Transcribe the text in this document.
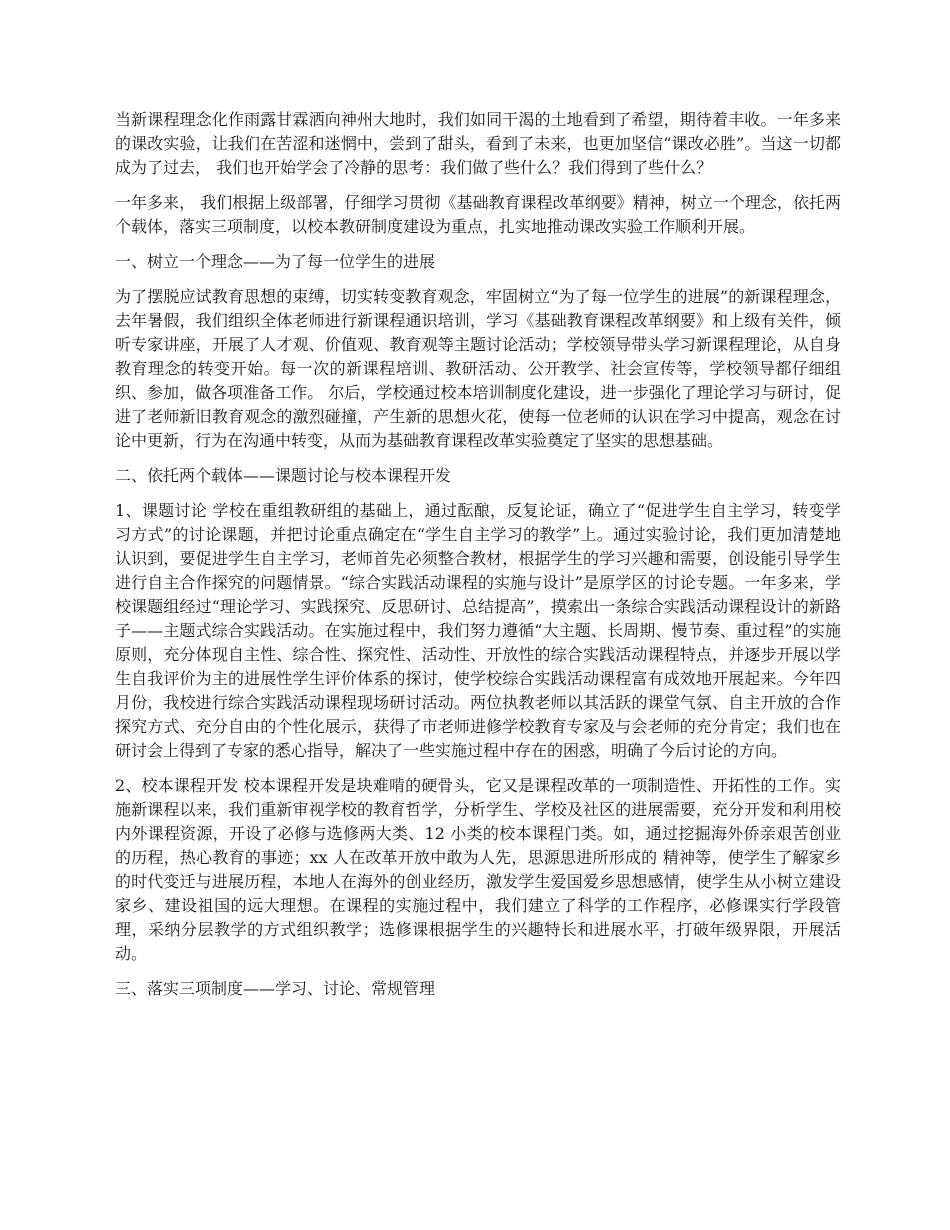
当新课程理念化作雨露甘霖洒向神州大地时，我们如同干渴的土地看到了希望，期待着丰收。一年多来的课改实验，让我们在苦涩和迷惘中，尝到了甜头，看到了未来，也更加坚信“课改必胜”。当这一切都成为了过去， 我们也开始学会了冷静的思考：我们做了些什么？我们得到了些什么？

一年多来， 我们根据上级部署，仔细学习贯彻《基础教育课程改革纲要》精神，树立一个理念，依托两个载体，落实三项制度，以校本教研制度建设为重点，扎实地推动课改实验工作顺利开展。

一、树立一个理念——为了每一位学生的进展

为了摆脱应试教育思想的束缚，切实转变教育观念，牢固树立“为了每一位学生的进展”的新课程理念，去年暑假，我们组织全体老师进行新课程通识培训，学习《基础教育课程改革纲要》和上级有关件，倾听专家讲座，开展了人才观、价值观、教育观等主题讨论活动；学校领导带头学习新课程理论，从自身教育理念的转变开始。每一次的新课程培训、教研活动、公开教学、社会宣传等，学校领导都仔细组织、参加，做各项准备工作。 尔后，学校通过校本培训制度化建设，进一步强化了理论学习与研讨，促进了老师新旧教育观念的激烈碰撞，产生新的思想火花，使每一位老师的认识在学习中提高，观念在讨论中更新，行为在沟通中转变，从而为基础教育课程改革实验奠定了坚实的思想基础。

二、依托两个载体——课题讨论与校本课程开发

1、课题讨论 学校在重组教研组的基础上，通过酝酿，反复论证，确立了“促进学生自主学习，转变学习方式”的讨论课题，并把讨论重点确定在“学生自主学习的教学”上。通过实验讨论，我们更加清楚地认识到，要促进学生自主学习，老师首先必须整合教材，根据学生的学习兴趣和需要，创设能引导学生进行自主合作探究的问题情景。“综合实践活动课程的实施与设计”是原学区的讨论专题。一年多来，学校课题组经过“理论学习、实践探究、反思研讨、总结提高”，摸索出一条综合实践活动课程设计的新路子——主题式综合实践活动。在实施过程中，我们努力遵循“大主题、长周期、慢节奏、重过程”的实施原则，充分体现自主性、综合性、探究性、活动性、开放性的综合实践活动课程特点，并逐步开展以学生自我评价为主的进展性学生评价体系的探讨，使学校综合实践活动课程富有成效地开展起来。今年四月份，我校进行综合实践活动课程现场研讨活动。两位执教老师以其活跃的课堂气氛、自主开放的合作探究方式、充分自由的个性化展示，获得了市老师进修学校教育专家及与会老师的充分肯定；我们也在研讨会上得到了专家的悉心指导，解决了一些实施过程中存在的困惑，明确了今后讨论的方向。

2、校本课程开发 校本课程开发是块难啃的硬骨头，它又是课程改革的一项制造性、开拓性的工作。实施新课程以来，我们重新审视学校的教育哲学，分析学生、学校及社区的进展需要，充分开发和利用校内外课程资源，开设了必修与选修两大类、12 小类的校本课程门类。如，通过挖掘海外侨亲艰苦创业的历程，热心教育的事迹；xx 人在改革开放中敢为人先，思源思进所形成的 精神等，使学生了解家乡的时代变迁与进展历程，本地人在海外的创业经历，激发学生爱国爱乡思想感情，使学生从小树立建设家乡、建设祖国的远大理想。在课程的实施过程中，我们建立了科学的工作程序，必修课实行学段管理，采纳分层教学的方式组织教学；选修课根据学生的兴趣特长和进展水平，打破年级界限，开展活动。

三、落实三项制度——学习、讨论、常规管理
